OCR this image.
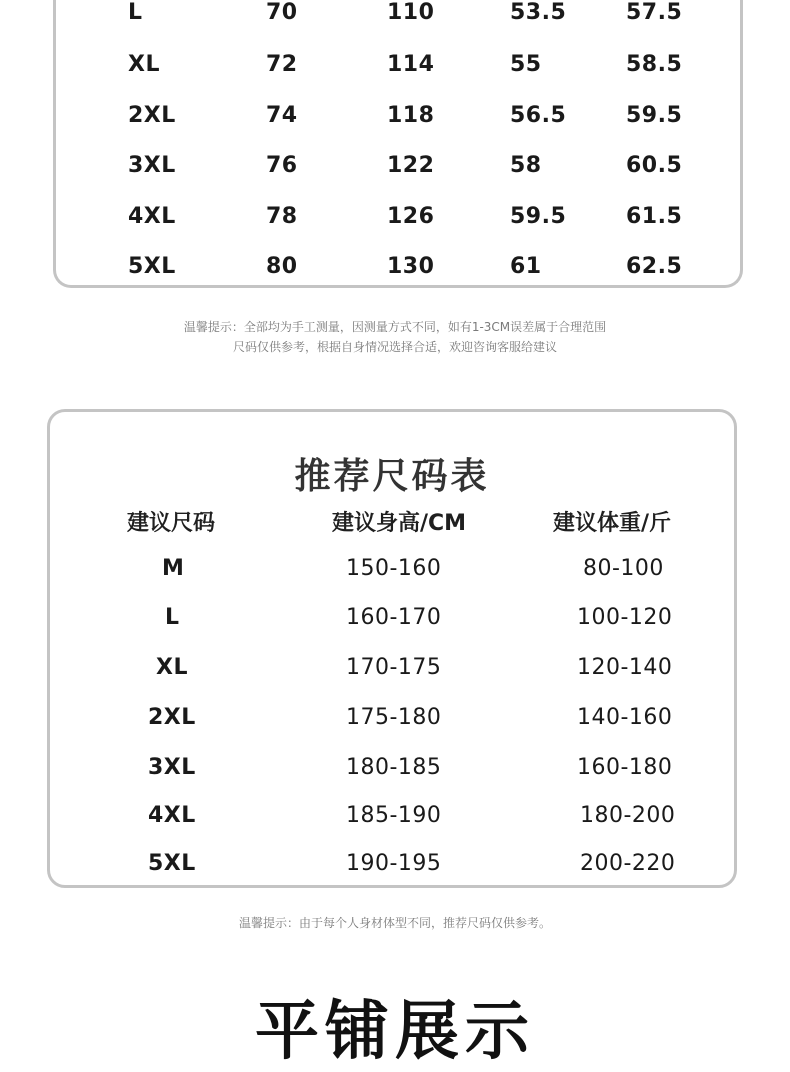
L	70	110	53.5	57.5
XL	72	114	55	58.5
2XL	74	118	56.5	59.5
3XL	76	122	58	60.5
4XL	78	126	59.5	61.5
5XL	80	130	61	62.5
温馨提示：全部均为手工测量，因测量方式不同，如有1-3CM误差属于合理范围
尺码仅供参考，根据自身情况选择合适，欢迎咨询客服给建议
推荐尺码表
建议尺码	建议身高/CM	建议体重/斤
M	150-160	80-100
L	160-170	100-120
XL	170-175	120-140
2XL	175-180	140-160
3XL	180-185	160-180
4XL	185-190	180-200
5XL	190-195	200-220
温馨提示：由于每个人身材体型不同，推荐尺码仅供参考。
平铺展示
